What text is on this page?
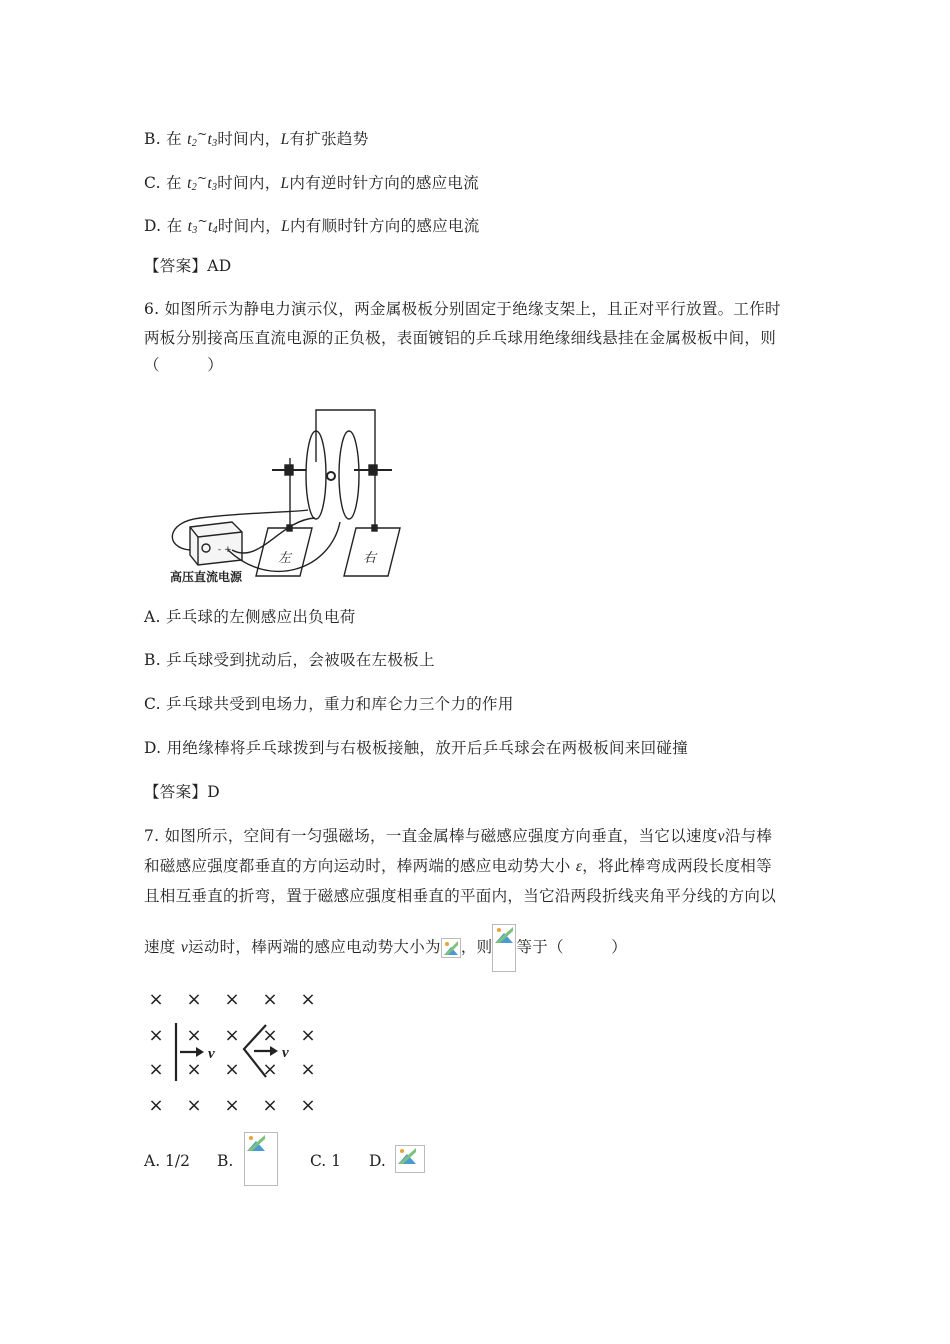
B. 在 $t_2^\sim t_3$时间内，L有扩张趋势
C. 在 $t_2^\sim t_3$时间内，L内有逆时针方向的感应电流
D. 在 $t_3^\sim t_4$时间内，L内有顺时针方向的感应电流
【答案】AD
6. 如图所示为静电力演示仪，两金属极板分别固定于绝缘支架上，且正对平行放置。工作时
两板分别接高压直流电源的正负极，表面镀铝的乒乓球用绝缘细线悬挂在金属极板中间，则
（　　　）
- +
左	右
高压直流电源
A. 乒乓球的左侧感应出负电荷
B. 乒乓球受到扰动后，会被吸在左极板上
C. 乒乓球共受到电场力，重力和库仑力三个力的作用
D. 用绝缘棒将乒乓球拨到与右极板接触，放开后乒乓球会在两极板间来回碰撞
【答案】D
7. 如图所示，空间有一匀强磁场，一直金属棒与磁感应强度方向垂直，当它以速度v沿与棒
和磁感应强度都垂直的方向运动时，棒两端的感应电动势大小 ε，将此棒弯成两段长度相等
且相互垂直的折弯，置于磁感应强度相垂直的平面内，当它沿两段折线夹角平分线的方向以
速度 v运动时，棒两端的感应电动势大小为 ，则 等于（　　　）
× × × × ×
× × × × ×
× × × × ×
× × × × ×
v	v
A. 1/2 B.	C. 1 D.
